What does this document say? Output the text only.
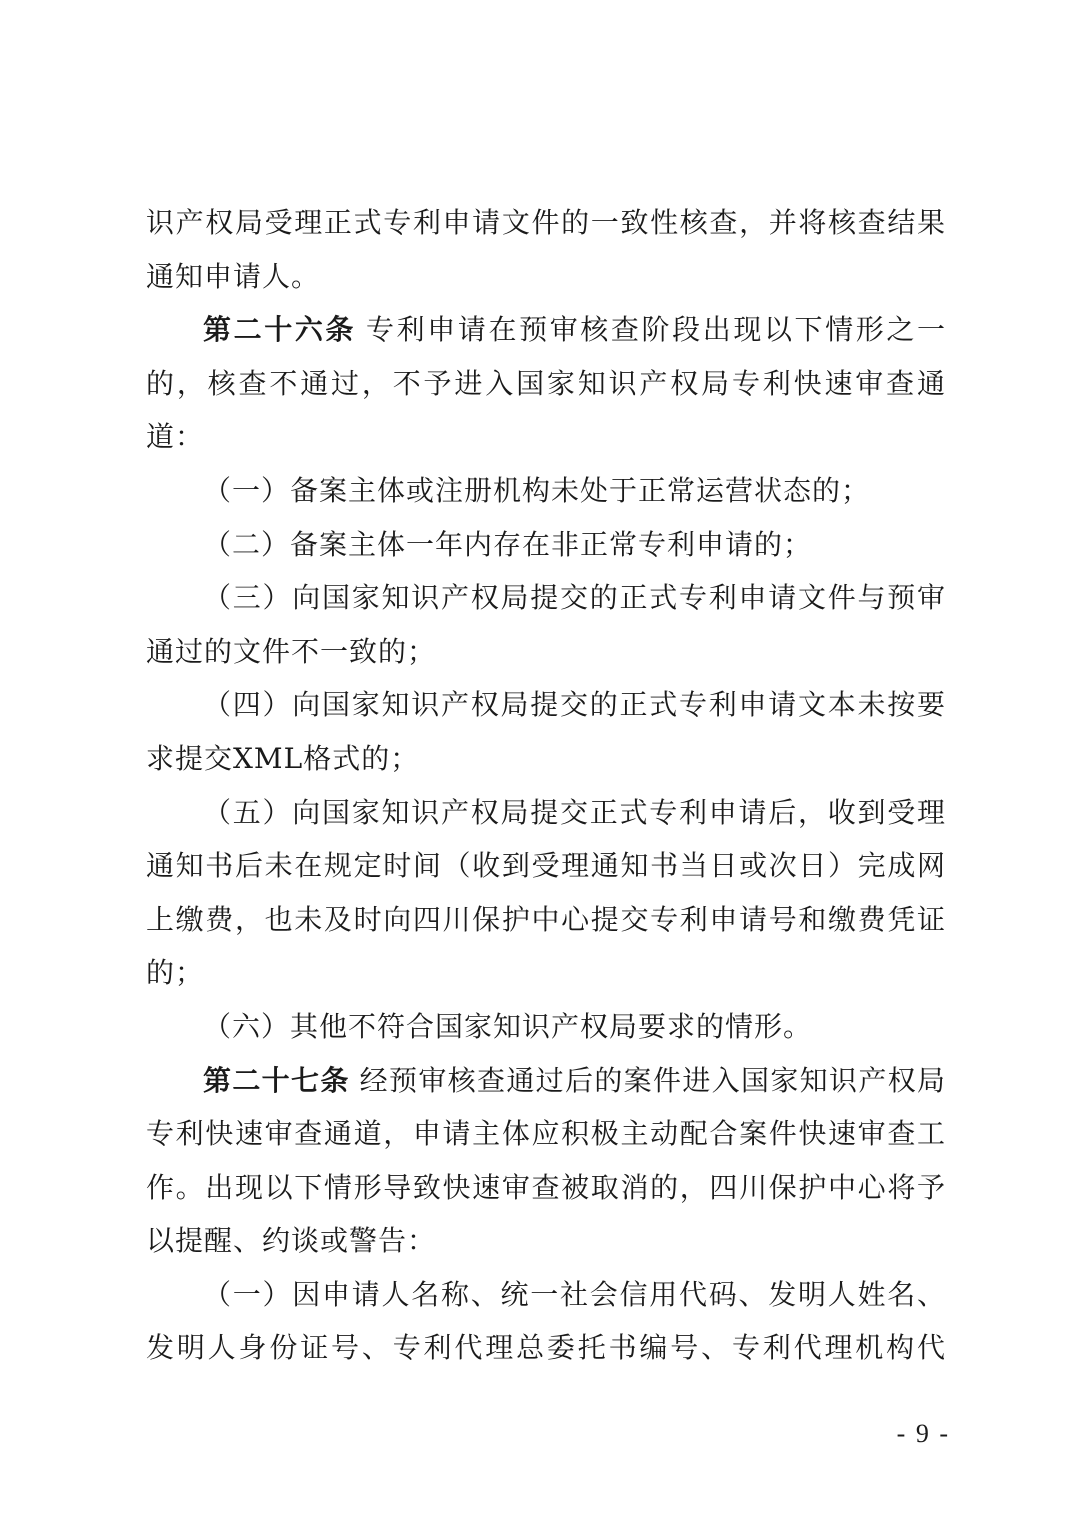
识产权局受理正式专利申请文件的一致性核查，并将核查结果
通知申请人。
第二十六条 专利申请在预审核查阶段出现以下情形之一
的，核查不通过，不予进入国家知识产权局专利快速审查通
道：
（一）备案主体或注册机构未处于正常运营状态的；
（二）备案主体一年内存在非正常专利申请的；
（三）向国家知识产权局提交的正式专利申请文件与预审
通过的文件不一致的；
（四）向国家知识产权局提交的正式专利申请文本未按要
求提交XML格式的；
（五）向国家知识产权局提交正式专利申请后，收到受理
通知书后未在规定时间（收到受理通知书当日或次日）完成网
上缴费，也未及时向四川保护中心提交专利申请号和缴费凭证
的；
（六）其他不符合国家知识产权局要求的情形。
第二十七条 经预审核查通过后的案件进入国家知识产权局
专利快速审查通道，申请主体应积极主动配合案件快速审查工
作。出现以下情形导致快速审查被取消的，四川保护中心将予
以提醒、约谈或警告：
（一）因申请人名称、统一社会信用代码、发明人姓名、
发明人身份证号、专利代理总委托书编号、专利代理机构代
- 9 -
